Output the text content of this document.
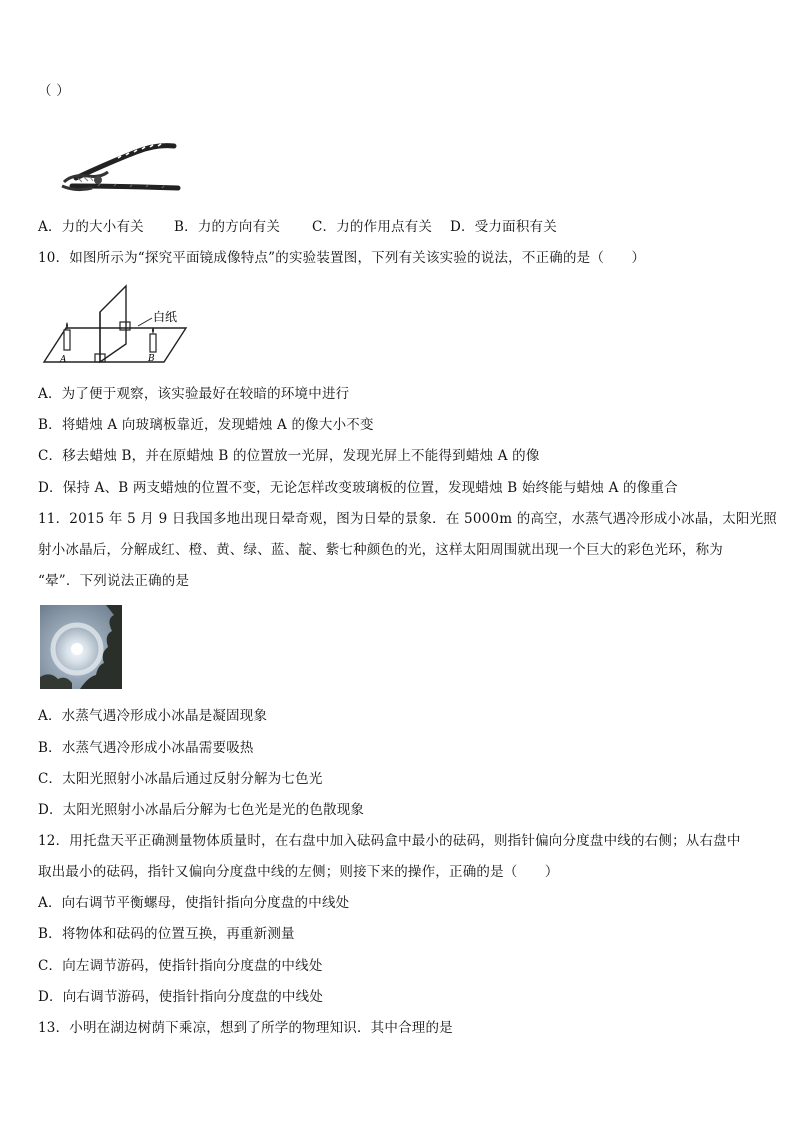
（ ）
A．力的大小有关 B．力的方向有关 C．力的作用点有关 D．受力面积有关
10．如图所示为“探究平面镜成像特点”的实验装置图，下列有关该实验的说法，不正确的是（　　）
白纸
A	B
A．为了便于观察，该实验最好在较暗的环境中进行
B．将蜡烛 A 向玻璃板靠近，发现蜡烛 A 的像大小不变
C．移去蜡烛 B，并在原蜡烛 B 的位置放一光屏，发现光屏上不能得到蜡烛 A 的像
D．保持 A、B 两支蜡烛的位置不变，无论怎样改变玻璃板的位置，发现蜡烛 B 始终能与蜡烛 A 的像重合
11．2015 年 5 月 9 日我国多地出现日晕奇观，图为日晕的景象．在 5000m 的高空，水蒸气遇冷形成小冰晶，太阳光照
射小冰晶后，分解成红、橙、黄、绿、蓝、靛、紫七种颜色的光，这样太阳周围就出现一个巨大的彩色光环，称为
“晕”．下列说法正确的是
A．水蒸气遇冷形成小冰晶是凝固现象
B．水蒸气遇冷形成小冰晶需要吸热
C．太阳光照射小冰晶后通过反射分解为七色光
D．太阳光照射小冰晶后分解为七色光是光的色散现象
12．用托盘天平正确测量物体质量时，在右盘中加入砝码盒中最小的砝码，则指针偏向分度盘中线的右侧；从右盘中
取出最小的砝码，指针又偏向分度盘中线的左侧；则接下来的操作，正确的是（　　）
A．向右调节平衡螺母，使指针指向分度盘的中线处
B．将物体和砝码的位置互换，再重新测量
C．向左调节游码，使指针指向分度盘的中线处
D．向右调节游码，使指针指向分度盘的中线处
13．小明在湖边树荫下乘凉，想到了所学的物理知识．其中合理的是
